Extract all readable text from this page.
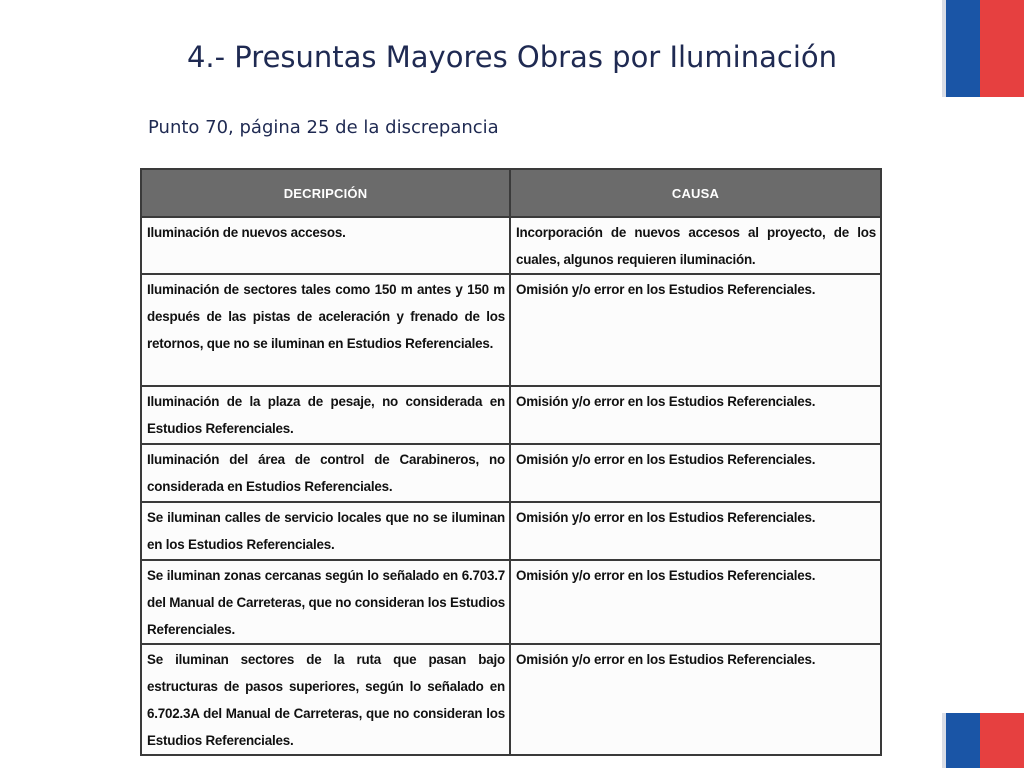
4.- Presuntas Mayores Obras por Iluminación
Punto 70, página 25 de la discrepancia
DECRIPCIÓN	CAUSA
Iluminación de nuevos accesos.	Incorporación de nuevos accesos al proyecto, de los cuales, algunos requieren iluminación.
Iluminación de sectores tales como 150 m antes y 150 m después de las pistas de aceleración y frenado de los retornos, que no se iluminan en Estudios Referenciales.	Omisión y/o error en los Estudios Referenciales.
Iluminación de la plaza de pesaje, no considerada en Estudios Referenciales.	Omisión y/o error en los Estudios Referenciales.
Iluminación del área de control de Carabineros, no considerada en Estudios Referenciales.	Omisión y/o error en los Estudios Referenciales.
Se iluminan calles de servicio locales que no se iluminan en los Estudios Referenciales.	Omisión y/o error en los Estudios Referenciales.
Se iluminan zonas cercanas según lo señalado en 6.703.7 del Manual de Carreteras, que no consideran los Estudios Referenciales.	Omisión y/o error en los Estudios Referenciales.
Se iluminan sectores de la ruta que pasan bajo estructuras de pasos superiores, según lo señalado en 6.702.3A del Manual de Carreteras, que no consideran los Estudios Referenciales.	Omisión y/o error en los Estudios Referenciales.
